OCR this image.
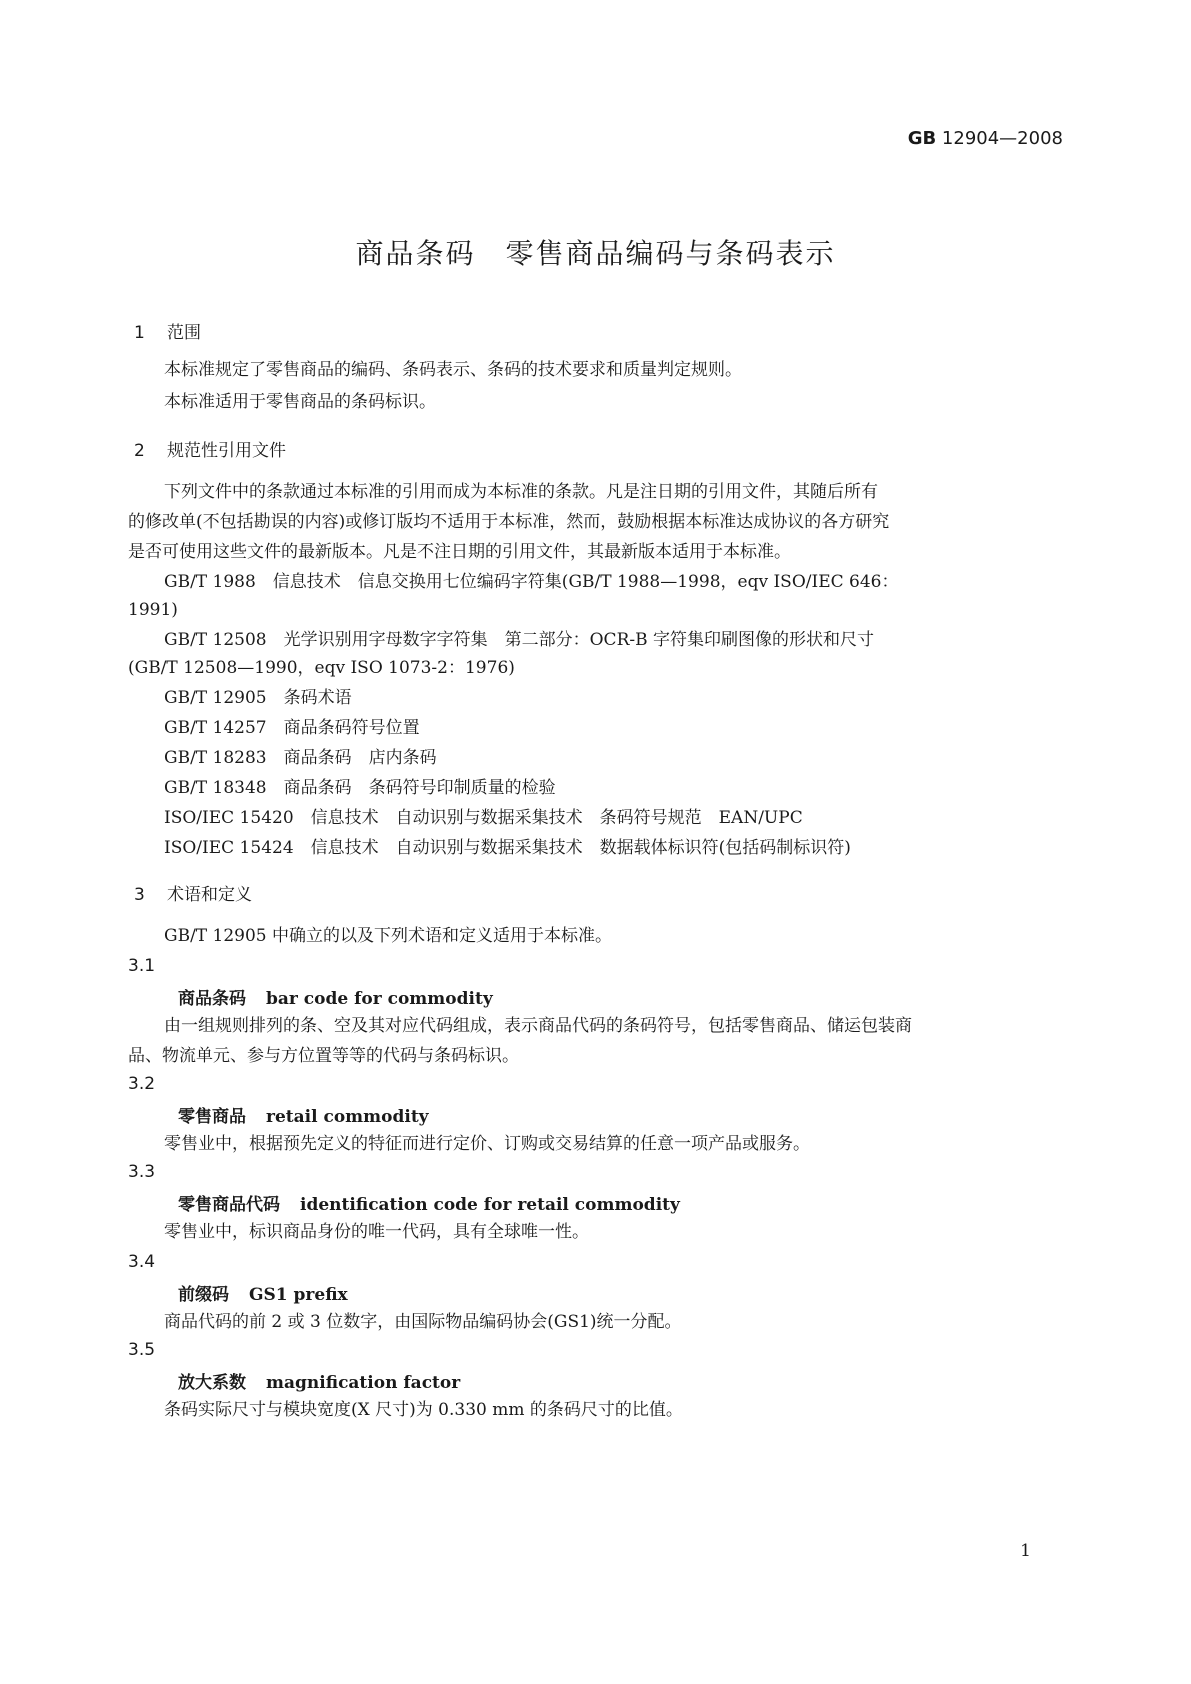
GB 12904—2008
商品条码　零售商品编码与条码表示
1 范围
本标准规定了零售商品的编码、条码表示、条码的技术要求和质量判定规则。
本标准适用于零售商品的条码标识。
2 规范性引用文件
下列文件中的条款通过本标准的引用而成为本标准的条款。凡是注日期的引用文件，其随后所有
的修改单(不包括勘误的内容)或修订版均不适用于本标准，然而，鼓励根据本标准达成协议的各方研究
是否可使用这些文件的最新版本。凡是不注日期的引用文件，其最新版本适用于本标准。
GB/T 1988　信息技术　信息交换用七位编码字符集(GB/T 1988—1998，eqv ISO/IEC 646：
1991)
GB/T 12508　光学识别用字母数字字符集　第二部分：OCR-B 字符集印刷图像的形状和尺寸
(GB/T 12508—1990，eqv ISO 1073-2：1976)
GB/T 12905　条码术语
GB/T 14257　商品条码符号位置
GB/T 18283　商品条码　店内条码
GB/T 18348　商品条码　条码符号印制质量的检验
ISO/IEC 15420　信息技术　自动识别与数据采集技术　条码符号规范　EAN/UPC
ISO/IEC 15424　信息技术　自动识别与数据采集技术　数据载体标识符(包括码制标识符)
3 术语和定义
GB/T 12905 中确立的以及下列术语和定义适用于本标准。
3.1
商品条码 bar code for commodity
由一组规则排列的条、空及其对应代码组成，表示商品代码的条码符号，包括零售商品、储运包装商
品、物流单元、参与方位置等等的代码与条码标识。
3.2
零售商品 retail commodity
零售业中，根据预先定义的特征而进行定价、订购或交易结算的任意一项产品或服务。
3.3
零售商品代码 identification code for retail commodity
零售业中，标识商品身份的唯一代码，具有全球唯一性。
3.4
前缀码 GS1 prefix
商品代码的前 2 或 3 位数字，由国际物品编码协会(GS1)统一分配。
3.5
放大系数 magnification factor
条码实际尺寸与模块宽度(X 尺寸)为 0.330 mm 的条码尺寸的比值。
1
